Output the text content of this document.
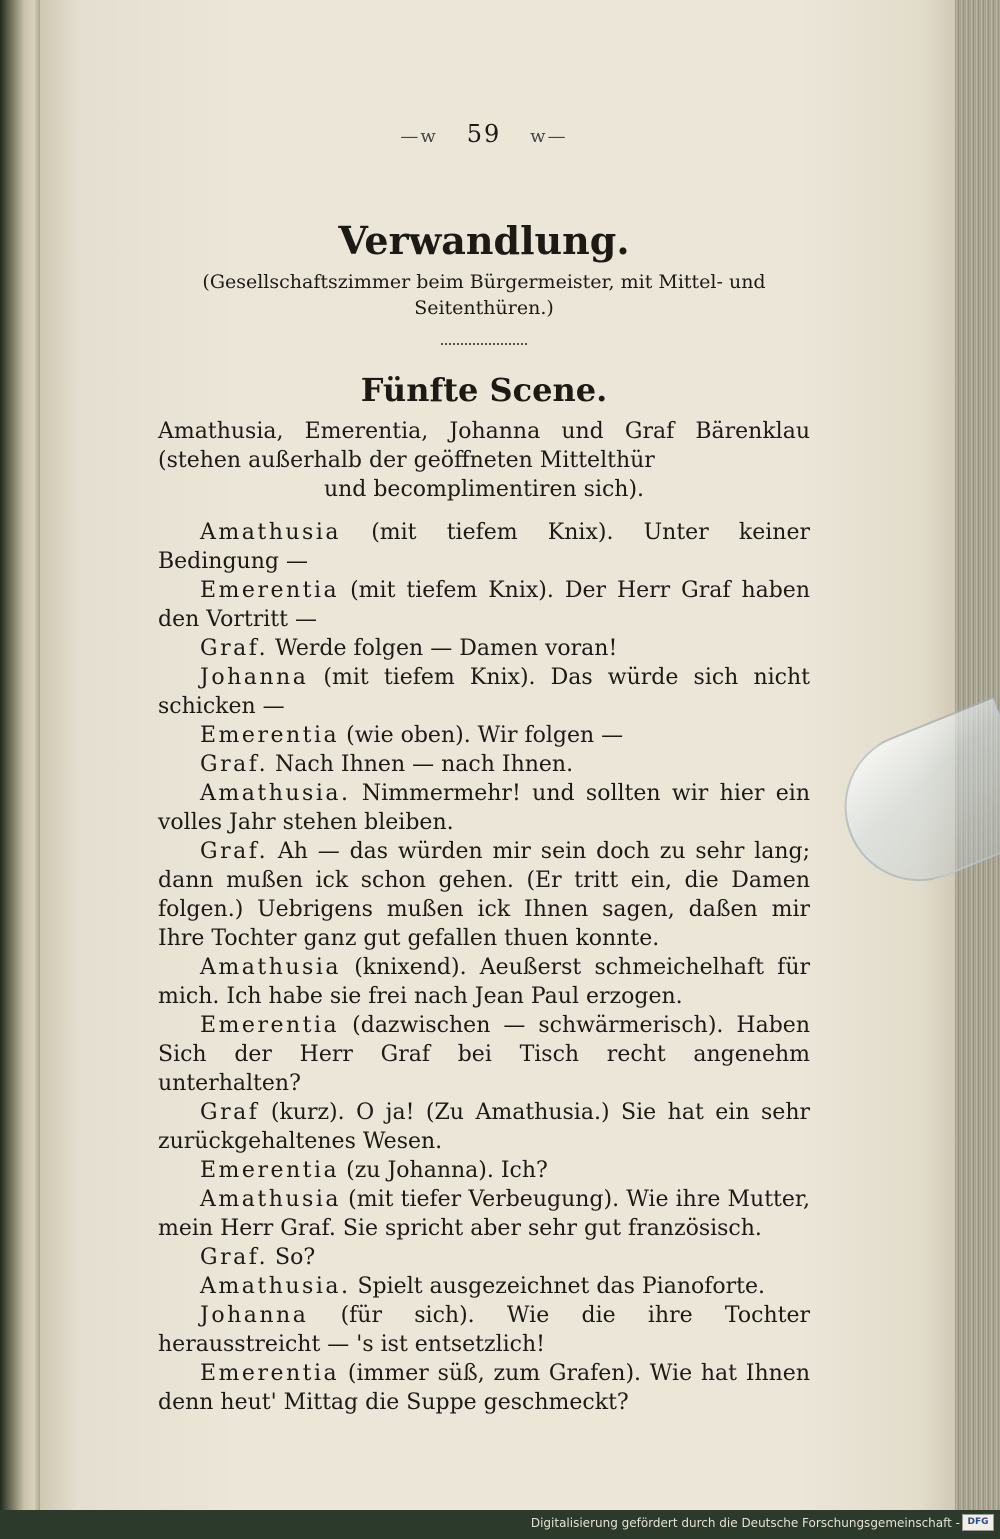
—w 59 w—
Verwandlung.

(Gesellschaftszimmer beim Bürgermeister, mit Mittel- und Seitenthüren.)

Fünfte Scene.

Amathusia, Emerentia, Johanna und Graf Bärenklau (stehen außerhalb der geöffneten Mittelthür
und becomplimentiren sich).

Amathusia (mit tiefem Knix). Unter keiner Bedingung —

Emerentia (mit tiefem Knix). Der Herr Graf haben den Vortritt —

Graf. Werde folgen — Damen voran!

Johanna (mit tiefem Knix). Das würde sich nicht schicken —

Emerentia (wie oben). Wir folgen —

Graf. Nach Ihnen — nach Ihnen.

Amathusia. Nimmermehr! und sollten wir hier ein volles Jahr stehen bleiben.

Graf. Ah — das würden mir sein doch zu sehr lang; dann mußen ick schon gehen. (Er tritt ein, die Damen folgen.) Uebrigens mußen ick Ihnen sagen, daßen mir Ihre Tochter ganz gut gefallen thuen konnte.

Amathusia (knixend). Aeußerst schmeichelhaft für mich. Ich habe sie frei nach Jean Paul erzogen.

Emerentia (dazwischen — schwärmerisch). Haben Sich der Herr Graf bei Tisch recht angenehm unterhalten?

Graf (kurz). O ja! (Zu Amathusia.) Sie hat ein sehr zurückgehaltenes Wesen.

Emerentia (zu Johanna). Ich?

Amathusia (mit tiefer Verbeugung). Wie ihre Mutter, mein Herr Graf. Sie spricht aber sehr gut französisch.

Graf. So?

Amathusia. Spielt ausgezeichnet das Pianoforte.

Johanna (für sich). Wie die ihre Tochter herausstreicht — 's ist entsetzlich!

Emerentia (immer süß, zum Grafen). Wie hat Ihnen denn heut' Mittag die Suppe geschmeckt?

Digitalisierung gefördert durch die Deutsche Forschungsgemeinschaft - DFG
